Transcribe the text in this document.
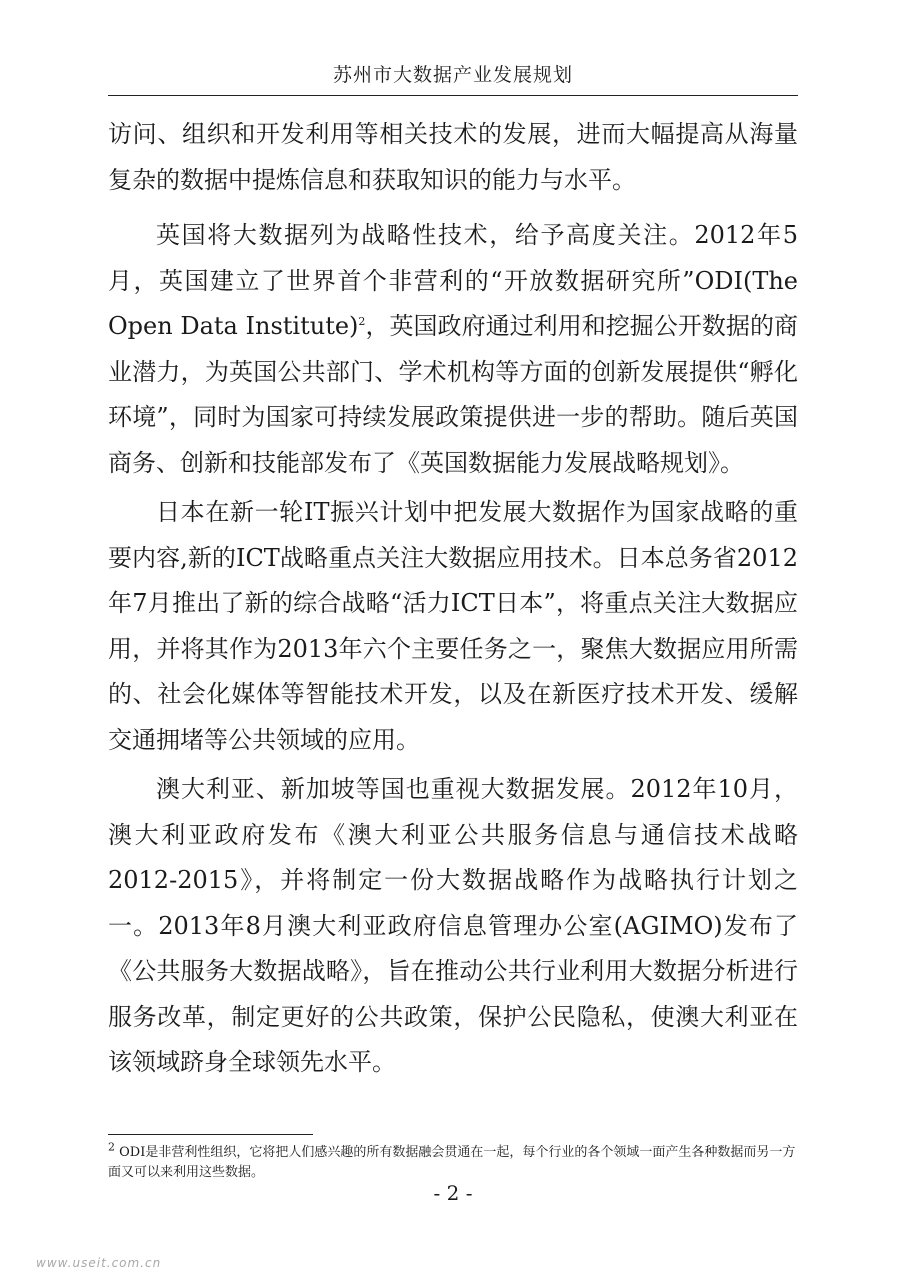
苏州市大数据产业发展规划

访问、组织和开发利用等相关技术的发展，进而大幅提高从海量复杂的数据中提炼信息和获取知识的能力与水平。

英国将大数据列为战略性技术，给予高度关注。2012年5月，英国建立了世界首个非营利的“开放数据研究所”ODI(The Open Data Institute)$^2$，英国政府通过利用和挖掘公开数据的商业潜力，为英国公共部门、学术机构等方面的创新发展提供“孵化环境”，同时为国家可持续发展政策提供进一步的帮助。随后英国商务、创新和技能部发布了《英国数据能力发展战略规划》。

日本在新一轮IT振兴计划中把发展大数据作为国家战略的重要内容,新的ICT战略重点关注大数据应用技术。日本总务省2012年7月推出了新的综合战略“活力ICT日本”，将重点关注大数据应用，并将其作为2013年六个主要任务之一，聚焦大数据应用所需的、社会化媒体等智能技术开发，以及在新医疗技术开发、缓解交通拥堵等公共领域的应用。

澳大利亚、新加坡等国也重视大数据发展。2012年10月，澳大利亚政府发布《澳大利亚公共服务信息与通信技术战略2012-2015》，并将制定一份大数据战略作为战略执行计划之一。2013年8月澳大利亚政府信息管理办公室(AGIMO)发布了《公共服务大数据战略》，旨在推动公共行业利用大数据分析进行服务改革，制定更好的公共政策，保护公民隐私，使澳大利亚在该领域跻身全球领先水平。

$^2$ ODI是非营利性组织，它将把人们感兴趣的所有数据融会贯通在一起，每个行业的各个领域一面产生各种数据而另一方面又可以来利用这些数据。
- 2 -
www.useit.com.cn
